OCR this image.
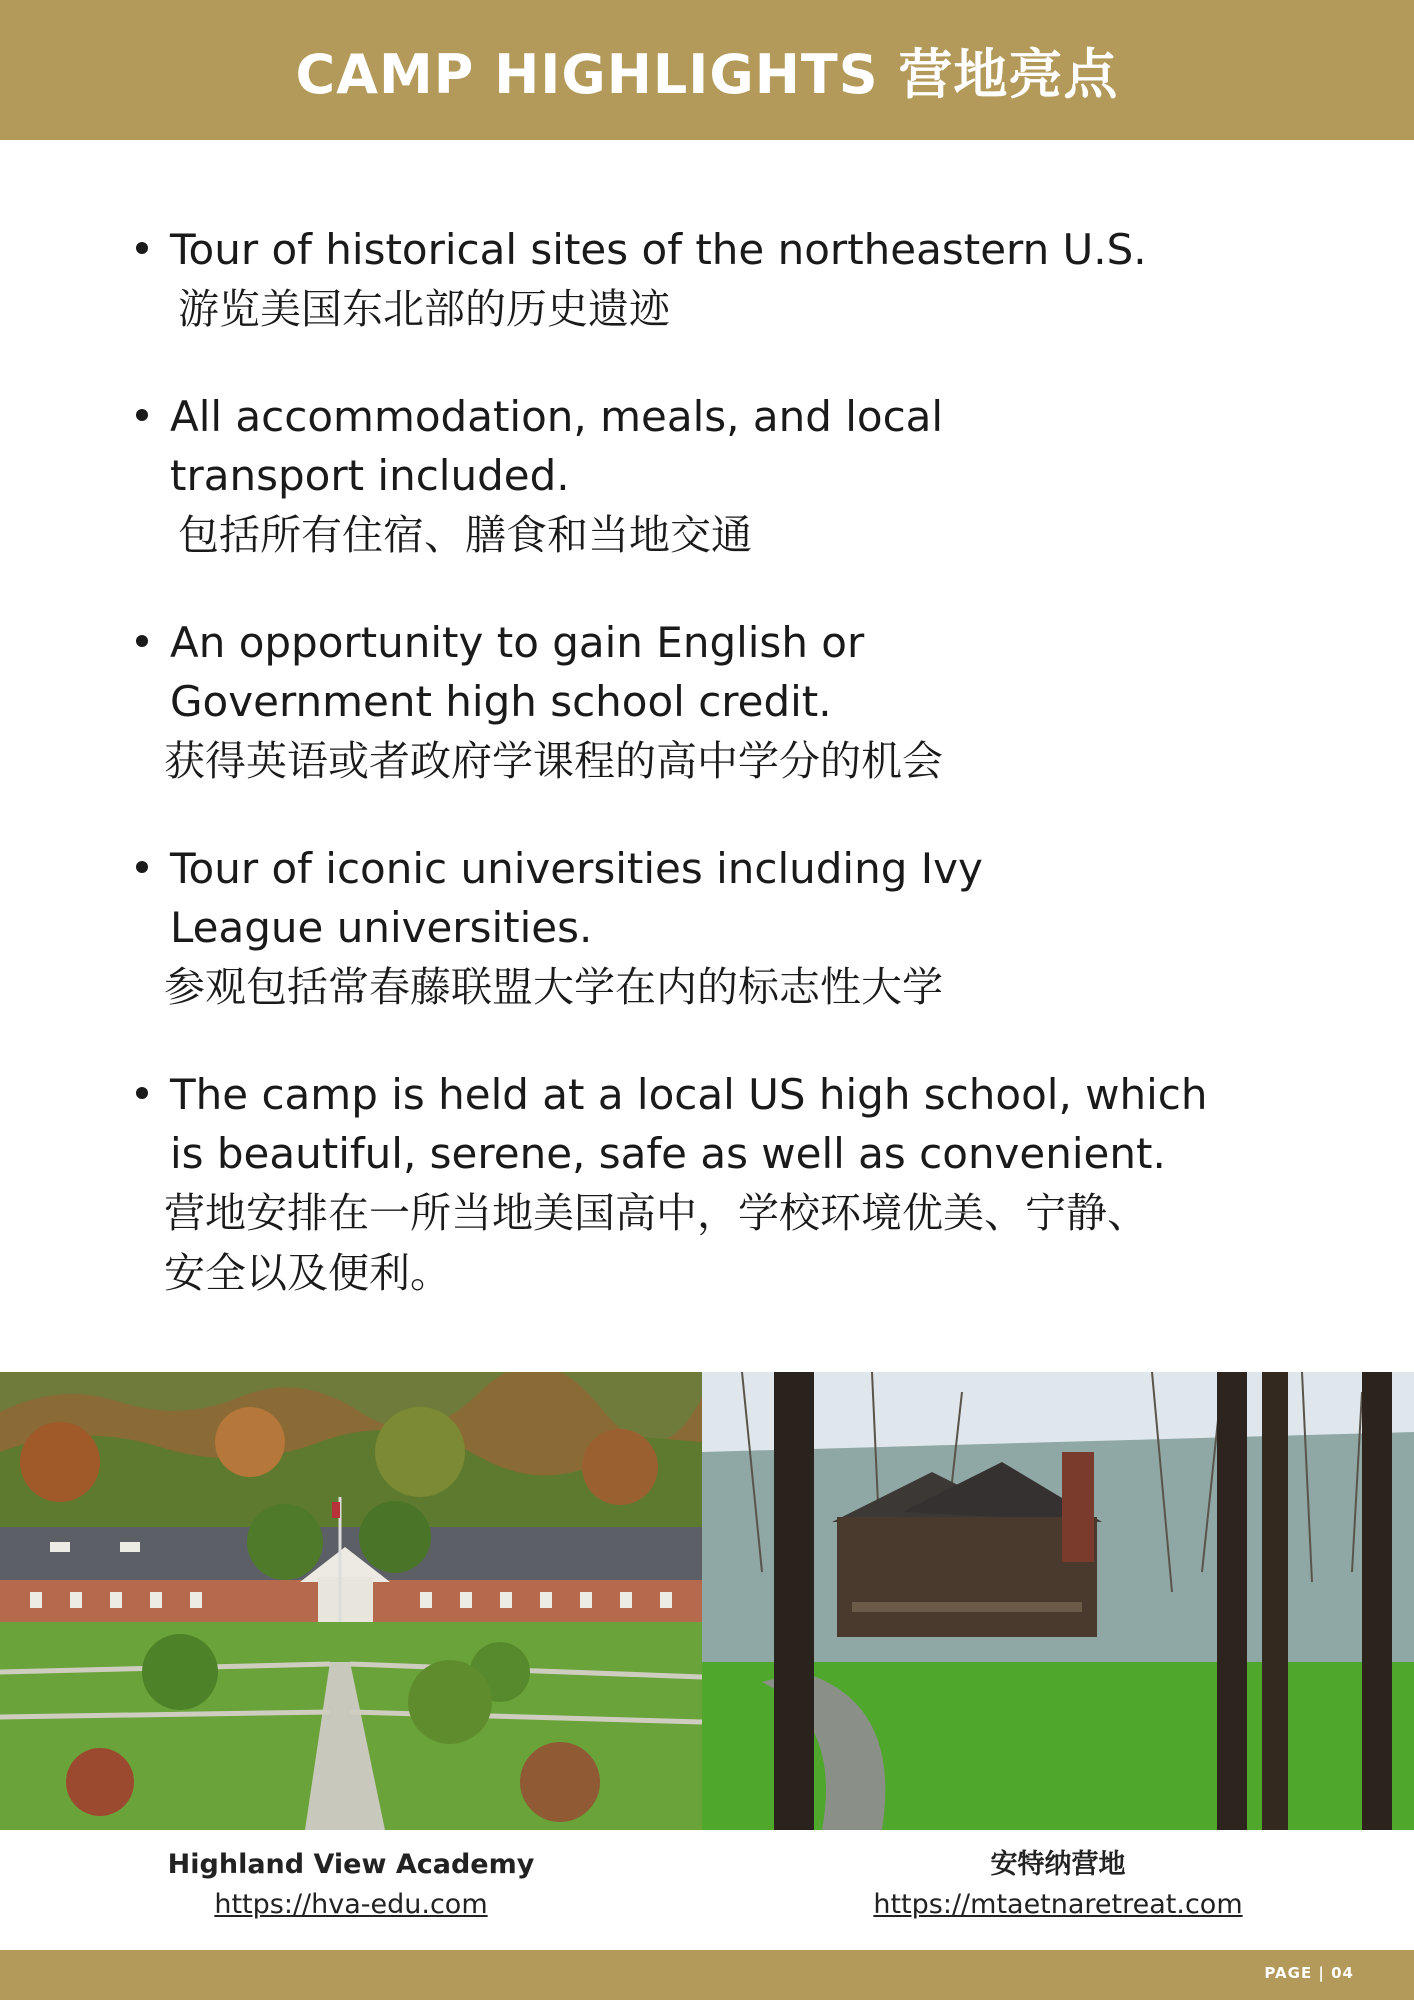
CAMP HIGHLIGHTS 营地亮点
Tour of historical sites of the northeastern U.S.
游览美国东北部的历史遗迹
All accommodation, meals, and local transport included.
包括所有住宿、膳食和当地交通
An opportunity to gain English or Government high school credit.
获得英语或者政府学课程的高中学分的机会
Tour of iconic universities including Ivy League universities.
参观包括常春藤联盟大学在内的标志性大学
The camp is held at a local US high school, which is beautiful, serene, safe as well as convenient.
营地安排在一所当地美国高中，学校环境优美、宁静、安全以及便利。
Highland View Academy
https://hva-edu.com
安特纳营地
https://mtaetnaretreat.com
PAGE | 04
